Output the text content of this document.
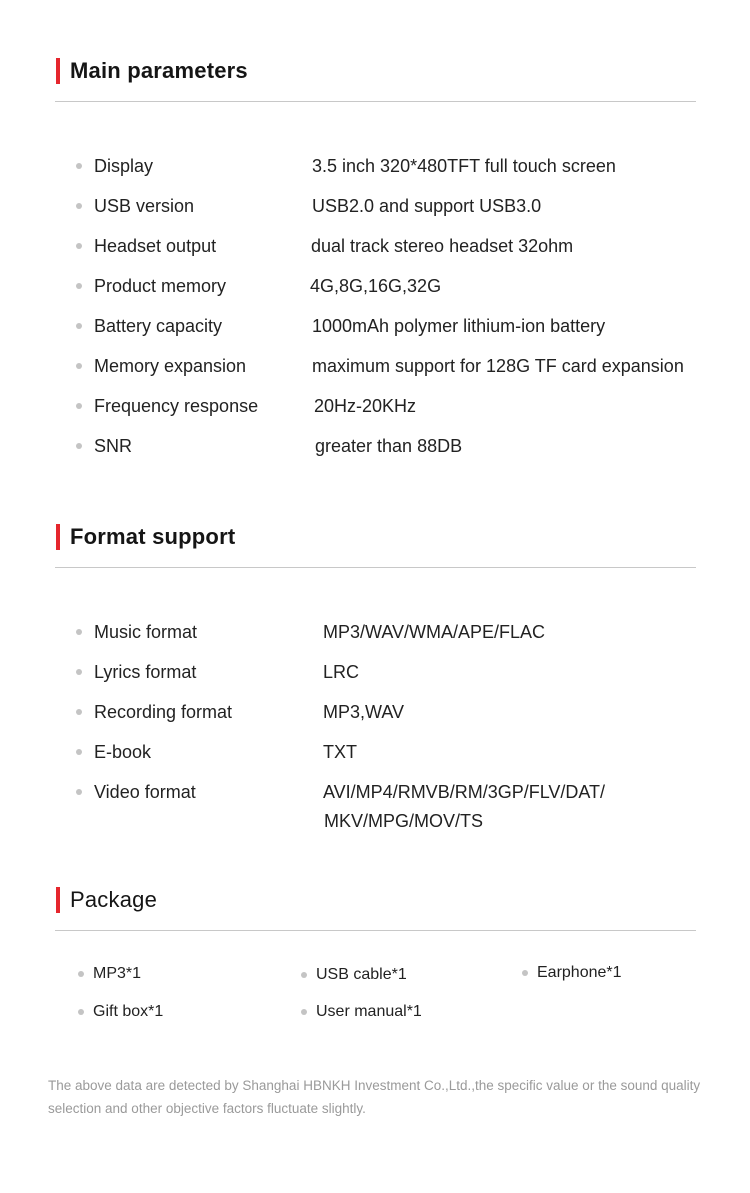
Main parameters
Display	3.5 inch 320*480TFT full touch screen
USB version	USB2.0 and support USB3.0
Headset output	dual track stereo headset 32ohm
Product memory	4G,8G,16G,32G
Battery capacity	1000mAh polymer lithium-ion battery
Memory expansion	maximum support for 128G TF card expansion
Frequency response	20Hz-20KHz
SNR	greater than 88DB
Format support
Music format	MP3/WAV/WMA/APE/FLAC
Lyrics format	LRC
Recording format	MP3,WAV
E-book	TXT
Video format	AVI/MP4/RMVB/RM/3GP/FLV/DAT/
MKV/MPG/MOV/TS
Package
MP3*1	USB cable*1	Earphone*1
Gift box*1	User manual*1
The above data are detected by Shanghai HBNKH Investment Co.,Ltd.,the specific value or the sound quality selection and other objective factors fluctuate slightly.
